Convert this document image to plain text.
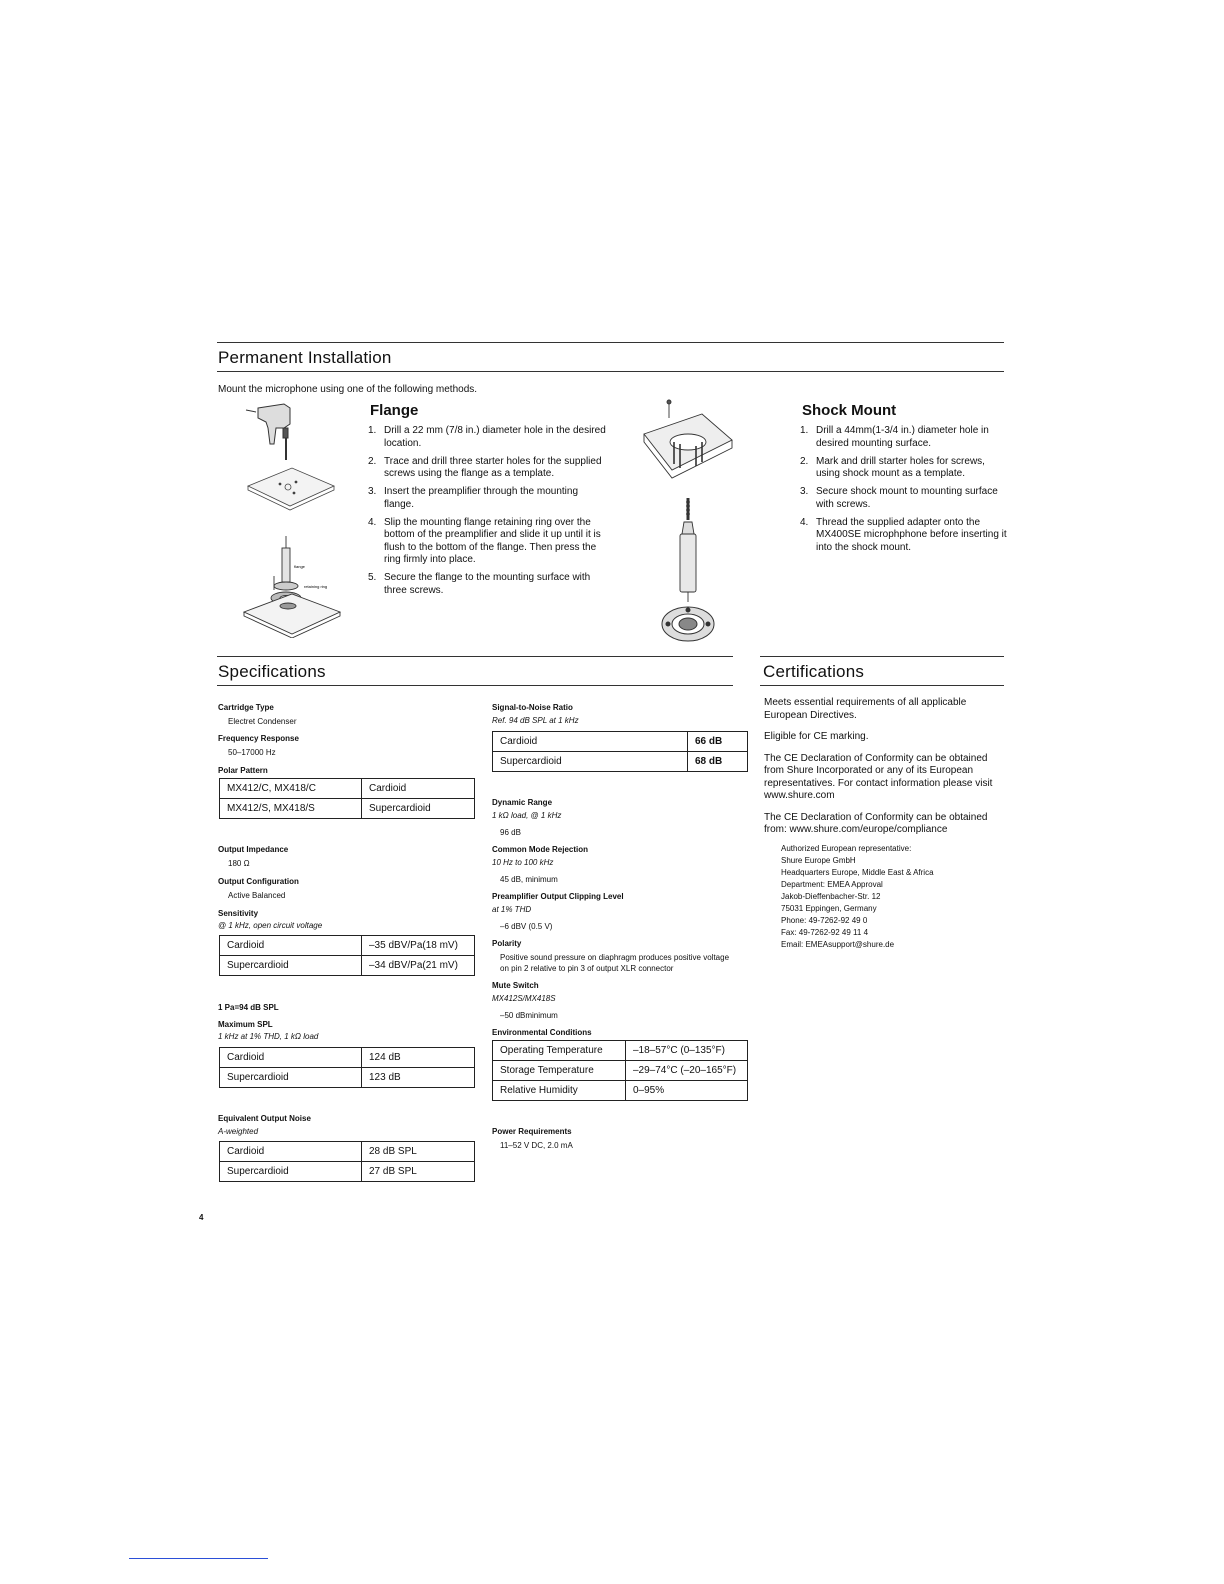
Permanent Installation
Mount the microphone using one of the following methods.
flange
retaining ring
Flange
1. Drill a 22 mm (7/8 in.) diameter hole in the desired location.
2. Trace and drill three starter holes for the supplied screws using the flange as a template.
3. Insert the preamplifier through the mounting flange.
4. Slip the mounting flange retaining ring over the bottom of the preamplifier and slide it up until it is flush to the bottom of the flange. Then press the ring firmly into place.
5. Secure the flange to the mounting surface with three screws.
Shock Mount
1. Drill a 44mm(1-3/4 in.) diameter hole in desired mounting surface.
2. Mark and drill starter holes for screws, using shock mount as a template.
3. Secure shock mount to mounting surface with screws.
4. Thread the supplied adapter onto the MX400SE microphphone before inserting it into the shock mount.
Specifications
Cartridge Type
Electret Condenser
Frequency Response
50–17000 Hz
Polar Pattern
MX412/C, MX418/C	Cardioid
MX412/S, MX418/S	Supercardioid
Output Impedance
180 Ω
Output Configuration
Active Balanced
Sensitivity
@ 1 kHz, open circuit voltage
Cardioid	–35 dBV/Pa(18 mV)
Supercardioid	–34 dBV/Pa(21 mV)
1 Pa=94 dB SPL
Maximum SPL
1 kHz at 1% THD, 1 kΩ load
Cardioid	124 dB
Supercardioid	123 dB
Equivalent Output Noise
A-weighted
Cardioid	28 dB SPL
Supercardioid	27 dB SPL
Signal-to-Noise Ratio
Ref. 94 dB SPL at 1 kHz
Cardioid	66 dB
Supercardioid	68 dB
Dynamic Range
1 kΩ load, @ 1 kHz
96 dB
Common Mode Rejection
10 Hz to 100 kHz
45 dB, minimum
Preamplifier Output Clipping Level
at 1% THD
–6 dBV (0.5 V)
Polarity
Positive sound pressure on diaphragm produces positive voltage on pin 2 relative to pin 3 of output XLR connector
Mute Switch
MX412S/MX418S
–50 dBminimum
Environmental Conditions
Operating Temperature	–18–57°C (0–135°F)
Storage Temperature	–29–74°C (–20–165°F)
Relative Humidity	0–95%
Power Requirements
11–52 V DC, 2.0 mA
Certifications

Meets essential requirements of all applicable European Directives.

Eligible for CE marking.

The CE Declaration of Conformity can be obtained from Shure Incorporated or any of its European representatives. For contact information please visit www.shure.com

The CE Declaration of Conformity can be obtained from: www.shure.com/europe/compliance

Authorized European representative:
Shure Europe GmbH
Headquarters Europe, Middle East & Africa
Department: EMEA Approval
Jakob-Dieffenbacher-Str. 12
75031 Eppingen, Germany
Phone: 49-7262-92 49 0
Fax: 49-7262-92 49 11 4
Email: EMEAsupport@shure.de
4
